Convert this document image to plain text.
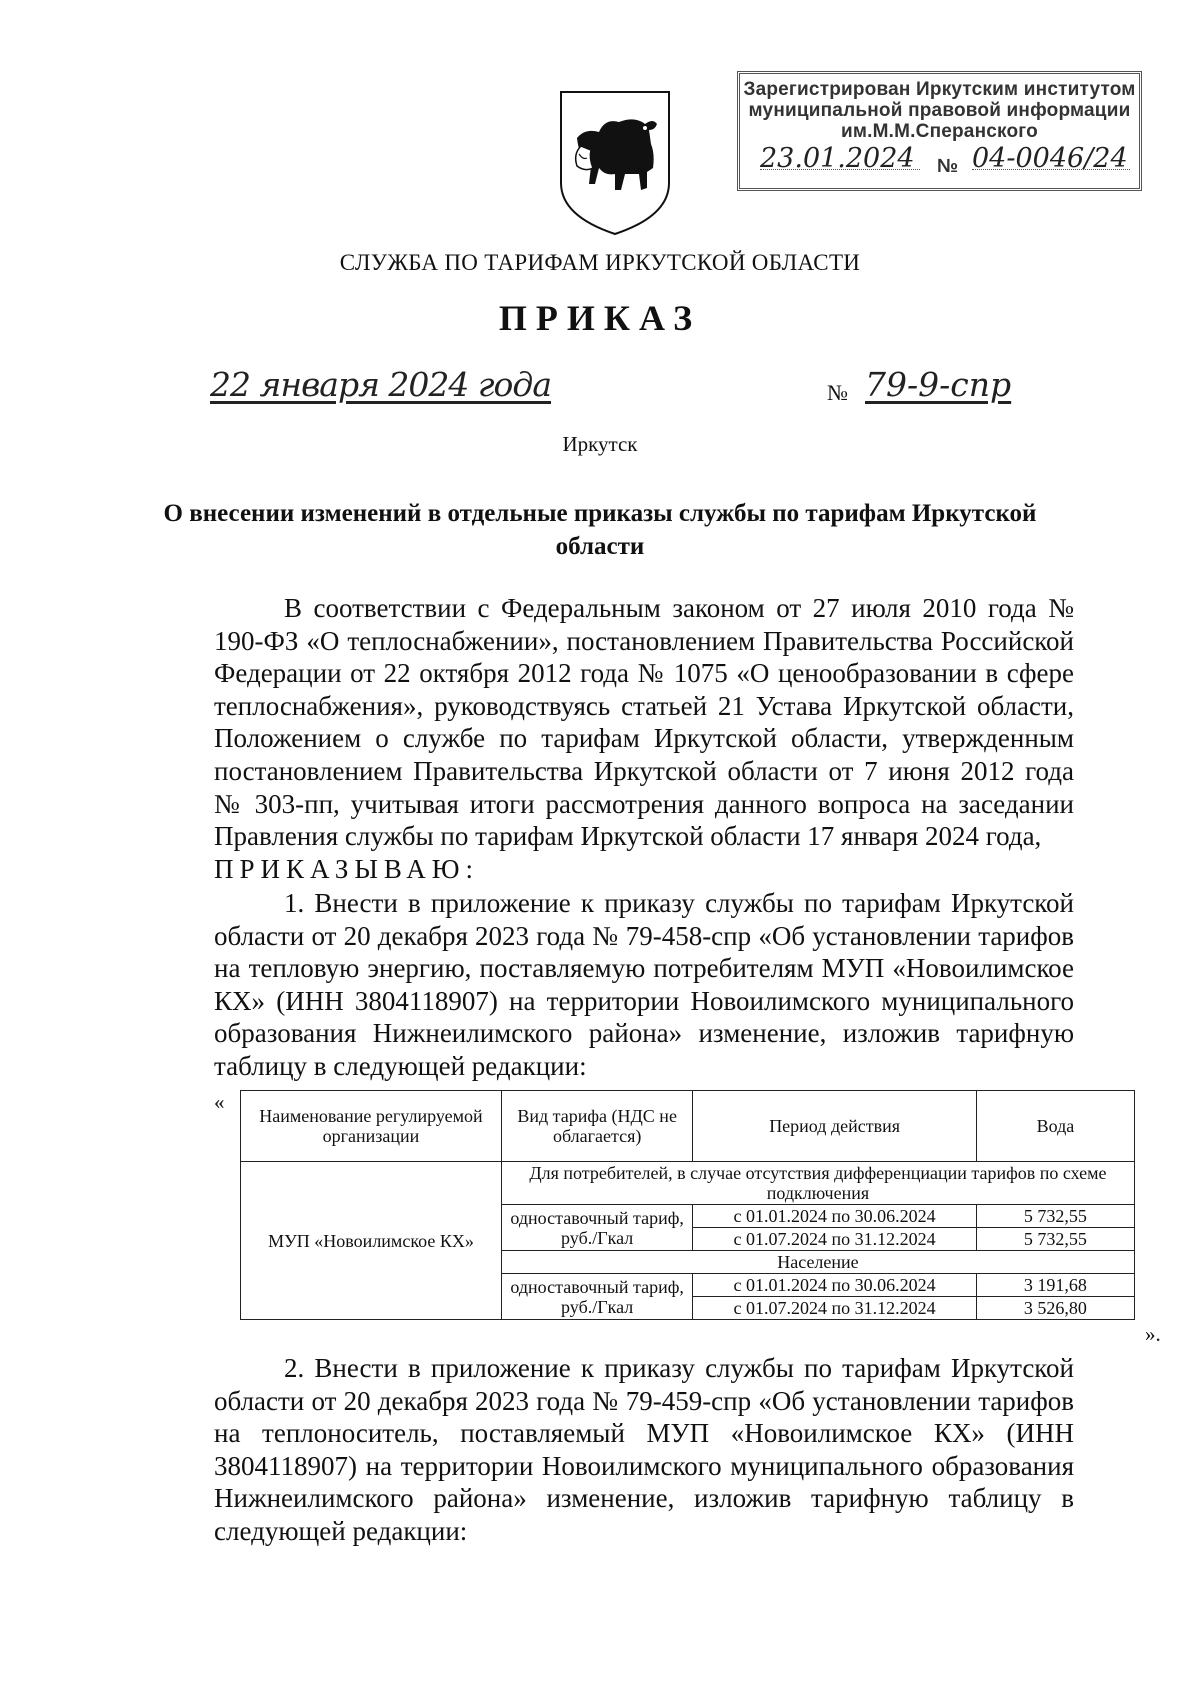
Зарегистрирован Иркутским институтом
муниципальной правовой информации
им.М.М.Сперанского
23.01.2024 № 04-0046/24
СЛУЖБА ПО ТАРИФАМ ИРКУТСКОЙ ОБЛАСТИ
ПРИКАЗ
22 января 2024 года	№ 79-9-спр
Иркутск
О внесении изменений в отдельные приказы службы по тарифам Иркутской области
В соответствии с Федеральным законом от 27 июля 2010 года № 190-ФЗ «О теплоснабжении», постановлением Правительства Российской Федерации от 22 октября 2012 года № 1075 «О ценообразовании в сфере теплоснабжения», руководствуясь статьей 21 Устава Иркутской области, Положением о службе по тарифам Иркутской области, утвержденным постановлением Правительства Иркутской области от 7 июня 2012 года № 303-пп, учитывая итоги рассмотрения данного вопроса на заседании Правления службы по тарифам Иркутской области 17 января 2024 года,
ПРИКАЗЫВАЮ:
1. Внести в приложение к приказу службы по тарифам Иркутской области от 20 декабря 2023 года № 79-458-спр «Об установлении тарифов на тепловую энергию, поставляемую потребителям МУП «Новоилимское КХ» (ИНН 3804118907) на территории Новоилимского муниципального образования Нижнеилимского района» изменение, изложив тарифную таблицу в следующей редакции:
«
Наименование регулируемой организации	Вид тарифа (НДС не облагается)	Период действия	Вода
МУП «Новоилимское КХ»	Для потребителей, в случае отсутствия дифференциации тарифов по схеме подключения		
	одноставочный тариф, руб./Гкал	с 01.01.2024 по 30.06.2024	5 732,55
		с 01.07.2024 по 31.12.2024	5 732,55
	Население		
	одноставочный тариф, руб./Гкал	с 01.01.2024 по 30.06.2024	3 191,68
		с 01.07.2024 по 31.12.2024	3 526,80
».
2. Внести в приложение к приказу службы по тарифам Иркутской области от 20 декабря 2023 года № 79-459-спр «Об установлении тарифов на теплоноситель, поставляемый МУП «Новоилимское КХ» (ИНН 3804118907) на территории Новоилимского муниципального образования Нижнеилимского района» изменение, изложив тарифную таблицу в следующей редакции:
